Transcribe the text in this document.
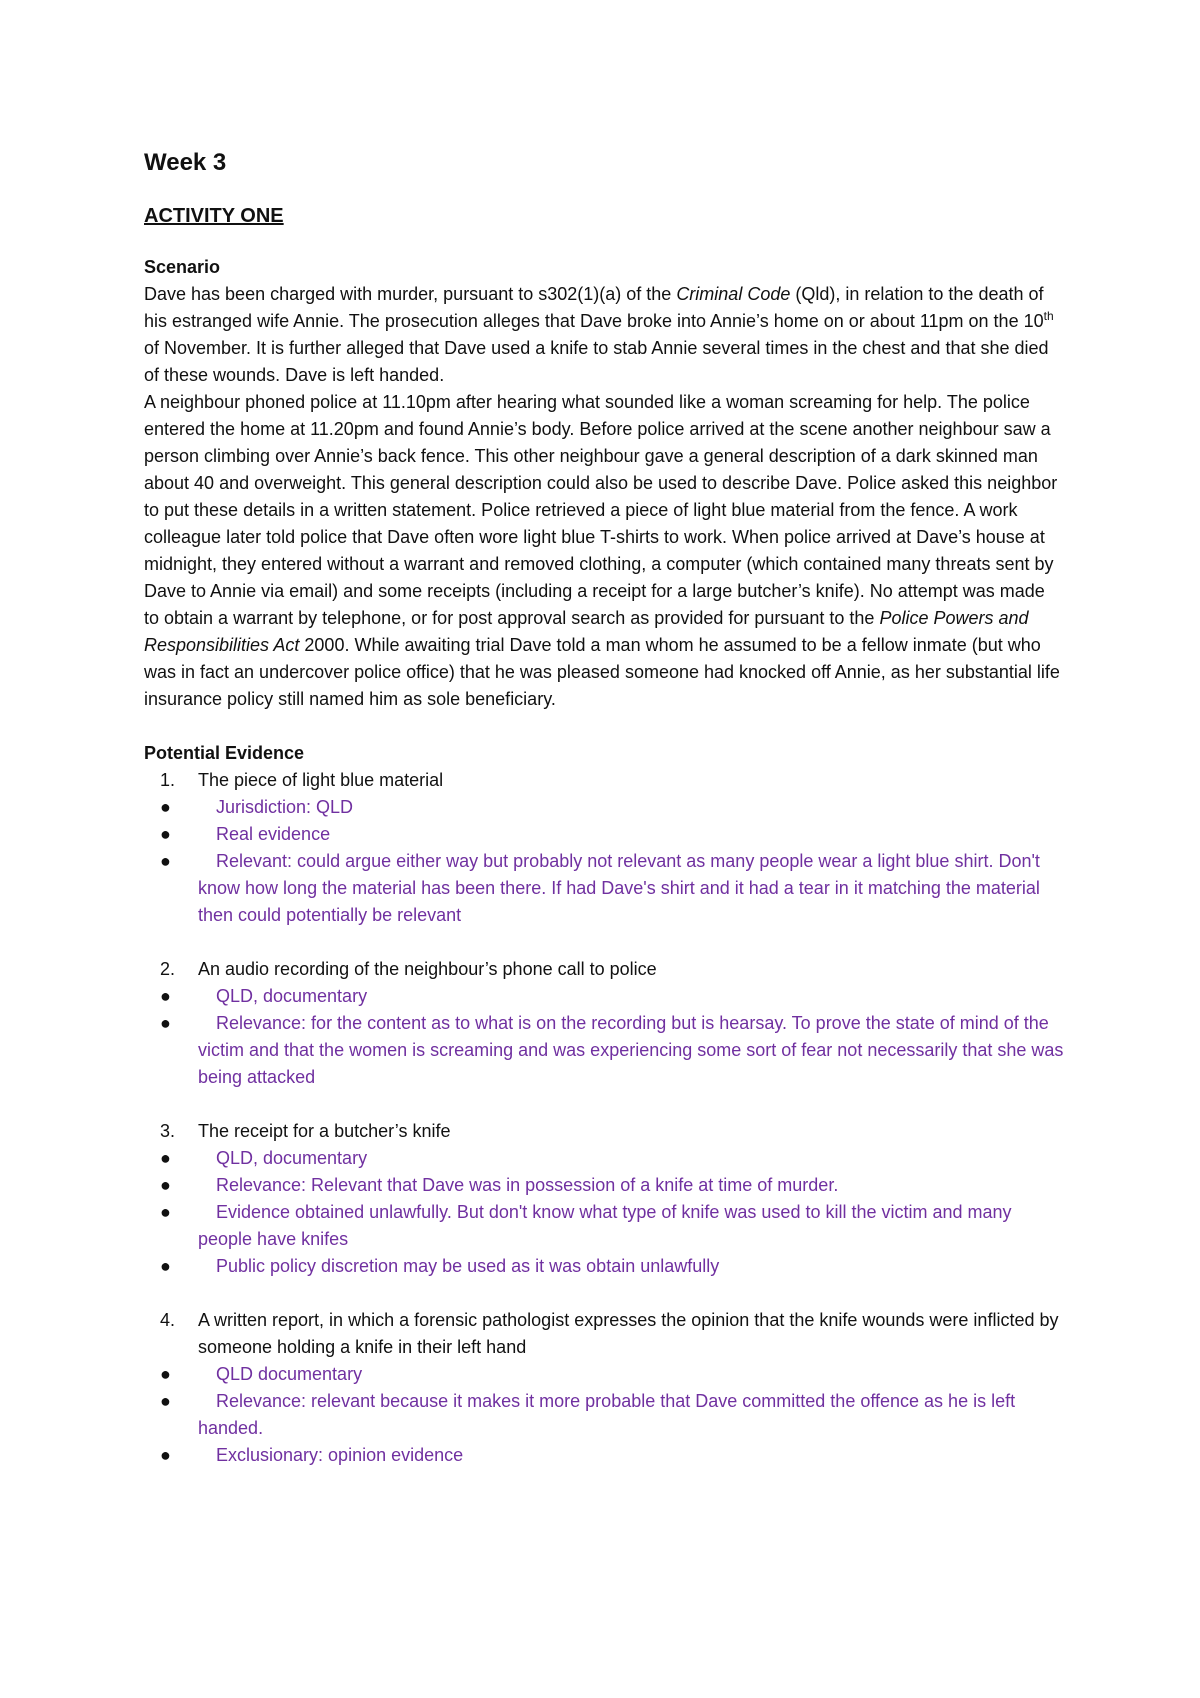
Week 3
ACTIVITY ONE
Scenario

Dave has been charged with murder, pursuant to s302(1)(a) of the Criminal Code (Qld), in relation to the death of his estranged wife Annie. The prosecution alleges that Dave broke into Annie’s home on or about 11pm on the 10th of November. It is further alleged that Dave used a knife to stab Annie several times in the chest and that she died of these wounds. Dave is left handed.

A neighbour phoned police at 11.10pm after hearing what sounded like a woman screaming for help. The police entered the home at 11.20pm and found Annie’s body. Before police arrived at the scene another neighbour saw a person climbing over Annie’s back fence. This other neighbour gave a general description of a dark skinned man about 40 and overweight. This general description could also be used to describe Dave. Police asked this neighbor to put these details in a written statement. Police retrieved a piece of light blue material from the fence. A work colleague later told police that Dave often wore light blue T-shirts to work. When police arrived at Dave’s house at midnight, they entered without a warrant and removed clothing, a computer (which contained many threats sent by Dave to Annie via email) and some receipts (including a receipt for a large butcher’s knife). No attempt was made to obtain a warrant by telephone, or for post approval search as provided for pursuant to the Police Powers and Responsibilities Act 2000. While awaiting trial Dave told a man whom he assumed to be a fellow inmate (but who was in fact an undercover police office) that he was pleased someone had knocked off Annie, as her substantial life insurance policy still named him as sole beneficiary.

Potential Evidence
1. The piece of light blue material
●	Jurisdiction: QLD
●	Real evidence
●	Relevant: could argue either way but probably not relevant as many people wear a light blue shirt. Don't know how long the material has been there. If had Dave's shirt and it had a tear in it matching the material then could potentially be relevant
2. An audio recording of the neighbour’s phone call to police
●	QLD, documentary
●	Relevance: for the content as to what is on the recording but is hearsay. To prove the state of mind of the victim and that the women is screaming and was experiencing some sort of fear not necessarily that she was being attacked
3. The receipt for a butcher’s knife
●	QLD, documentary
●	Relevance: Relevant that Dave was in possession of a knife at time of murder.
●	Evidence obtained unlawfully. But don't know what type of knife was used to kill the victim and many people have knifes
●	Public policy discretion may be used as it was obtain unlawfully
4. A written report, in which a forensic pathologist expresses the opinion that the knife wounds were inflicted by someone holding a knife in their left hand
●	QLD documentary
●	Relevance: relevant because it makes it more probable that Dave committed the offence as he is left handed.
●	Exclusionary: opinion evidence
